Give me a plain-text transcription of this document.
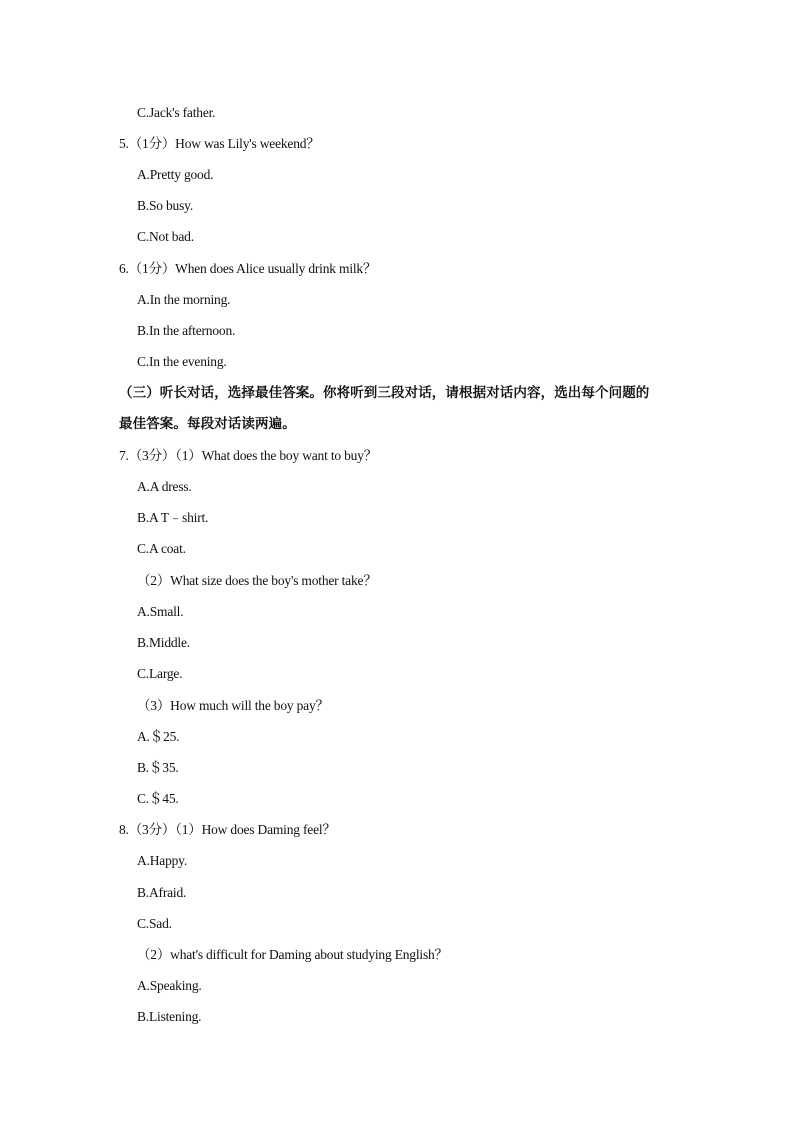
C.Jack's father.
5.（1分）How was Lily's weekend？
A.Pretty good.
B.So busy.
C.Not bad.
6.（1分）When does Alice usually drink milk？
A.In the morning.
B.In the afternoon.
C.In the evening.
（三）听长对话，选择最佳答案。你将听到三段对话，请根据对话内容，选出每个问题的
最佳答案。每段对话读两遍。
7.（3分）（1）What does the boy want to buy？
A.A dress.
B.A T﹣shirt.
C.A coat.
（2）What size does the boy's mother take？
A.Small.
B.Middle.
C.Large.
（3）How much will the boy pay？
A.＄25.
B.＄35.
C.＄45.
8.（3分）（1）How does Daming feel？
A.Happy.
B.Afraid.
C.Sad.
（2）what's difficult for Daming about studying English？
A.Speaking.
B.Listening.
